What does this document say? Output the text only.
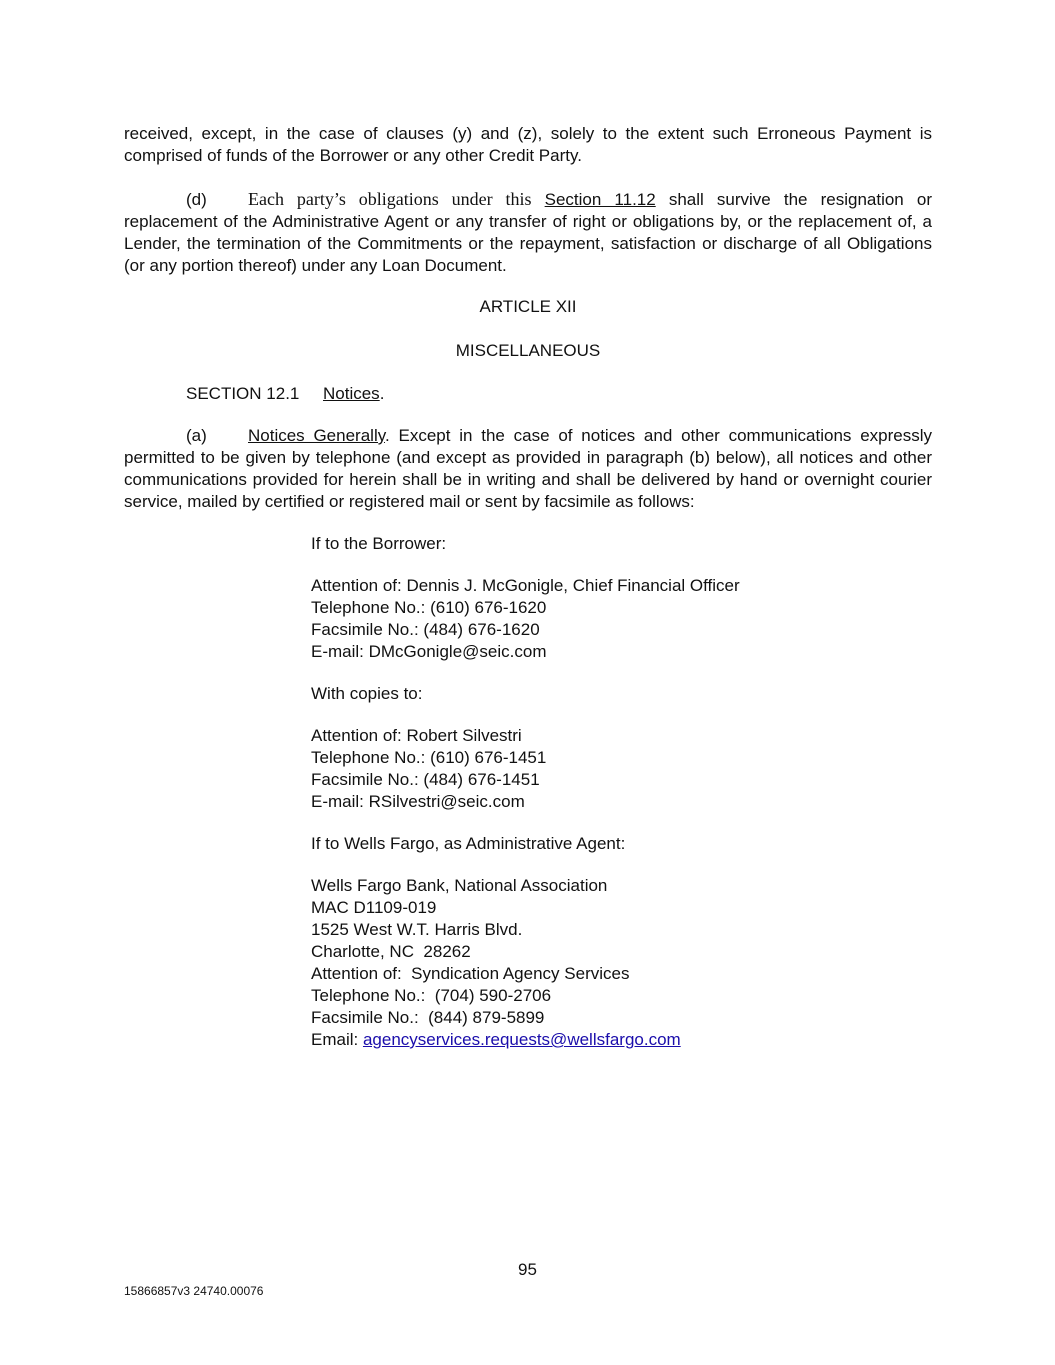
received, except, in the case of clauses (y) and (z), solely to the extent such Erroneous Payment is comprised of funds of the Borrower or any other Credit Party.

(d) Each party’s obligations under this Section 11.12 shall survive the resignation or replacement of the Administrative Agent or any transfer of right or obligations by, or the replacement of, a Lender, the termination of the Commitments or the repayment, satisfaction or discharge of all Obligations (or any portion thereof) under any Loan Document.

ARTICLE XII

MISCELLANEOUS

SECTION 12.1 Notices.

(a) Notices Generally. Except in the case of notices and other communications expressly permitted to be given by telephone (and except as provided in paragraph (b) below), all notices and other communications provided for herein shall be in writing and shall be delivered by hand or overnight courier service, mailed by certified or registered mail or sent by facsimile as follows:

If to the Borrower:

Attention of: Dennis J. McGonigle, Chief Financial Officer
Telephone No.: (610) 676-1620
Facsimile No.: (484) 676-1620
E-mail: DMcGonigle@seic.com

With copies to:

Attention of: Robert Silvestri
Telephone No.: (610) 676-1451
Facsimile No.: (484) 676-1451
E-mail: RSilvestri@seic.com

If to Wells Fargo, as Administrative Agent:

Wells Fargo Bank, National Association
MAC D1109-019
1525 West W.T. Harris Blvd.
Charlotte, NC  28262
Attention of:  Syndication Agency Services
Telephone No.:  (704) 590-2706
Facsimile No.:  (844) 879-5899
Email: agencyservices.requests@wellsfargo.com

95

15866857v3 24740.00076
